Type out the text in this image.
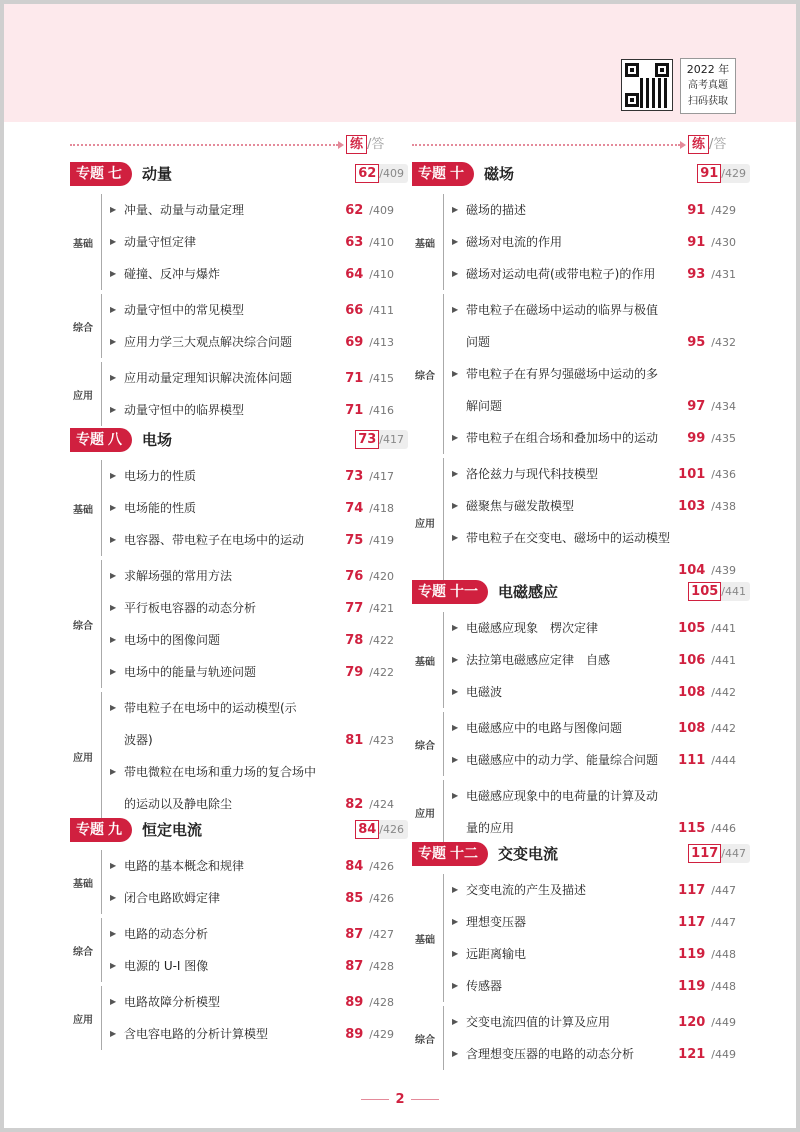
2022 年
高考真题
扫码获取
练 /答
专题 七	动量	62 /409
基础
▶ 冲量、动量与动量定理	62 /409
▶ 动量守恒定律	63 /410
▶ 碰撞、反冲与爆炸	64 /410
综合
▶ 动量守恒中的常见模型	66 /411
▶ 应用力学三大观点解决综合问题	69 /413
应用
▶ 应用动量定理知识解决流体问题	71 /415
▶ 动量守恒中的临界模型	71 /416
专题 八	电场	73 /417
基础
▶ 电场力的性质	73 /417
▶ 电场能的性质	74 /418
▶ 电容器、带电粒子在电场中的运动	75 /419
综合
▶ 求解场强的常用方法	76 /420
▶ 平行板电容器的动态分析	77 /421
▶ 电场中的图像问题	78 /422
▶ 电场中的能量与轨迹问题	79 /422
应用
▶ 带电粒子在电场中的运动模型(示
波器)	81 /423
▶ 带电微粒在电场和重力场的复合场中
的运动以及静电除尘	82 /424
专题 九	恒定电流	84 /426
基础
▶ 电路的基本概念和规律	84 /426
▶ 闭合电路欧姆定律	85 /426
综合
▶ 电路的动态分析	87 /427
▶ 电源的 U-I 图像	87 /428
应用
▶ 电路故障分析模型	89 /428
▶ 含电容电路的分析计算模型	89 /429
练 /答
专题 十	磁场	91 /429
基础
▶ 磁场的描述	91 /429
▶ 磁场对电流的作用	91 /430
▶ 磁场对运动电荷(或带电粒子)的作用 93 /431
综合
▶ 带电粒子在磁场中运动的临界与极值
问题	95 /432
▶ 带电粒子在有界匀强磁场中运动的多
解问题	97 /434
▶ 带电粒子在组合场和叠加场中的运动 99 /435
应用
▶ 洛伦兹力与现代科技模型	101 /436
▶ 磁聚焦与磁发散模型	103 /438
▶ 带电粒子在交变电、磁场中的运动模型
104 /439
专题 十一	电磁感应	105 /441
基础
▶ 电磁感应现象　楞次定律	105 /441
▶ 法拉第电磁感应定律　自感	106 /441
▶ 电磁波	108 /442
综合
▶ 电磁感应中的电路与图像问题	108 /442
▶ 电磁感应中的动力学、能量综合问题 111 /444
应用
▶ 电磁感应现象中的电荷量的计算及动
量的应用	115 /446
专题 十二	交变电流	117 /447
基础
▶ 交变电流的产生及描述	117 /447
▶ 理想变压器	117 /447
▶ 远距离输电	119 /448
▶ 传感器	119 /448
综合
▶ 交变电流四值的计算及应用	120 /449
▶ 含理想变压器的电路的动态分析	121 /449
2
